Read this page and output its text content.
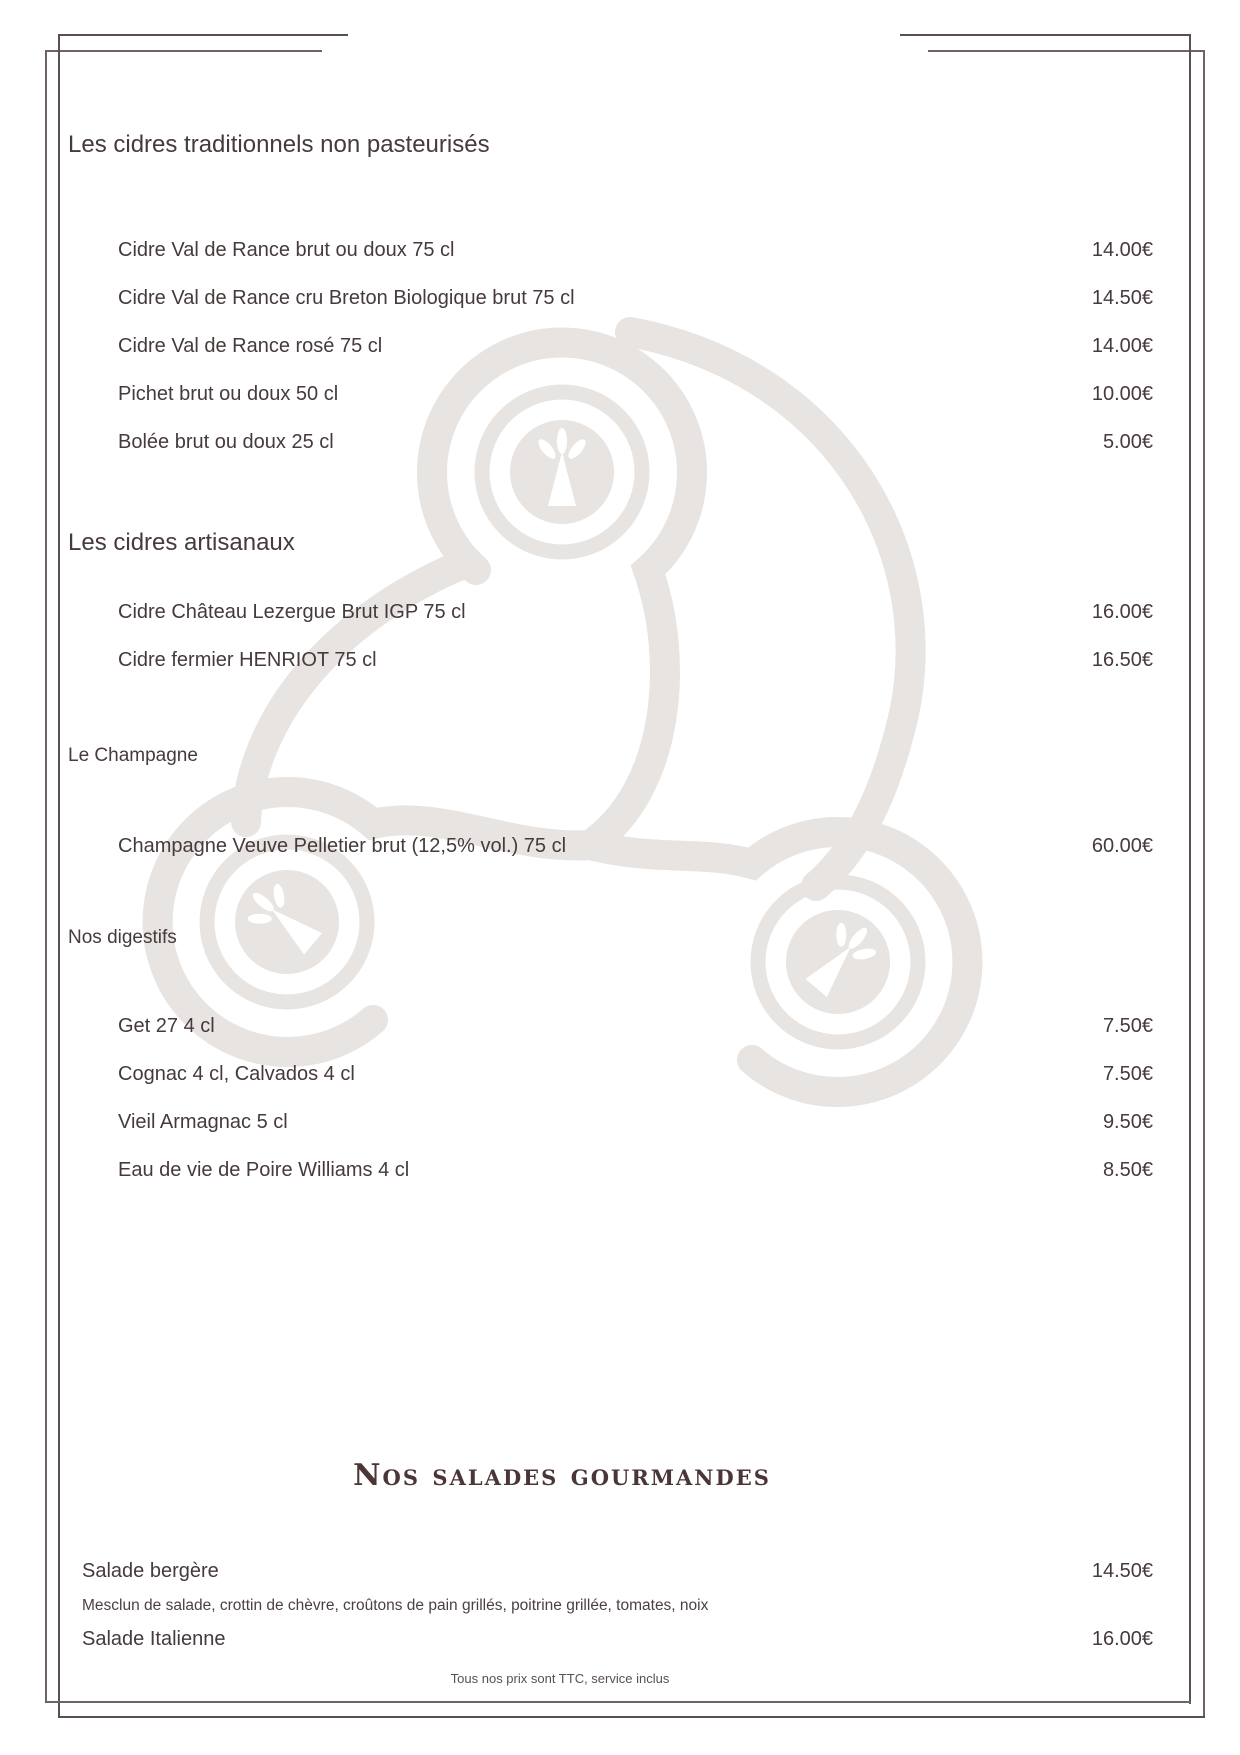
Les cidres traditionnels non pasteurisés
Cidre Val de Rance brut ou doux 75 cl	14.00€
Cidre Val de Rance cru Breton Biologique brut 75 cl	14.50€
Cidre Val de Rance rosé 75 cl	14.00€
Pichet brut ou doux 50 cl	10.00€
Bolée brut ou doux 25 cl	5.00€
Les cidres artisanaux
Cidre Château Lezergue Brut IGP 75 cl	16.00€
Cidre fermier HENRIOT 75 cl	16.50€
Le Champagne
Champagne Veuve Pelletier brut (12,5% vol.) 75 cl	60.00€
Nos digestifs
Get 27 4 cl	7.50€
Cognac 4 cl, Calvados 4 cl	7.50€
Vieil Armagnac 5 cl	9.50€
Eau de vie de Poire Williams 4 cl	8.50€
Nos salades gourmandes
Salade bergère	14.50€
Mesclun de salade, crottin de chèvre, croûtons de pain grillés, poitrine grillée, tomates, noix
Salade Italienne	16.00€
Tous nos prix sont TTC, service inclus
